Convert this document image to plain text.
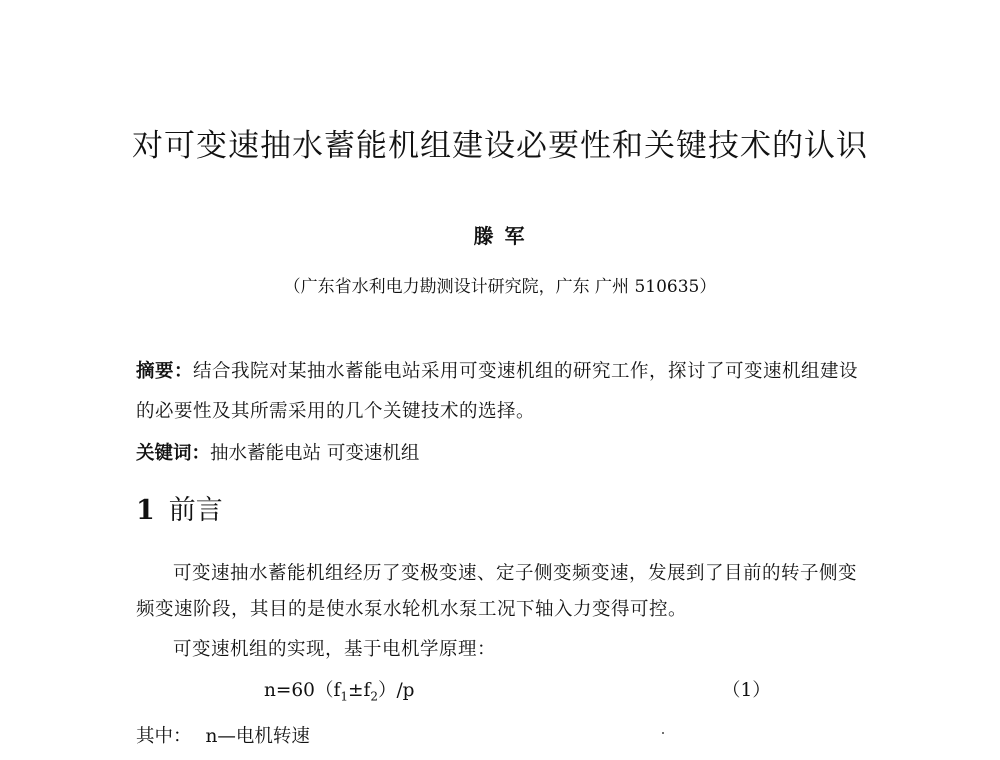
对可变速抽水蓄能机组建设必要性和关键技术的认识

滕 军

（广东省水利电力勘测设计研究院，广东 广州 510635）

摘要：结合我院对某抽水蓄能电站采用可变速机组的研究工作，探讨了可变速机组建设的必要性及其所需采用的几个关键技术的选择。

关键词：抽水蓄能电站 可变速机组

1 前言

可变速抽水蓄能机组经历了变极变速、定子侧变频变速，发展到了目前的转子侧变频变速阶段，其目的是使水泵水轮机水泵工况下轴入力变得可控。

可变速机组的实现，基于电机学原理：

$n=60(f_1\pm f_2)/p$	（1）

其中： n—电机转速
